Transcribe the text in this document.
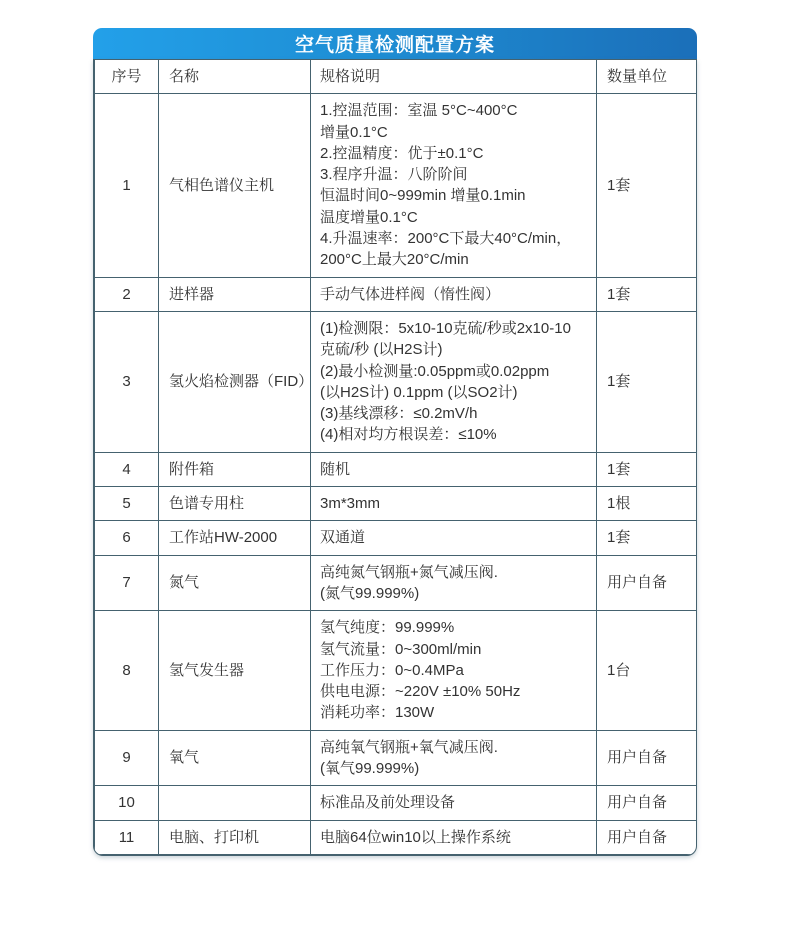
空气质量检测配置方案
序号	名称	规格说明	数量单位
1	气相色谱仪主机	
1.控温范围：室温 5°C~400°C
增量0.1°C
2.控温精度：优于±0.1°C
3.程序升温：八阶阶间
恒温时间0~999min 增量0.1min
温度增量0.1°C
4.升温速率：200°C下最大40°C/min，
200°C上最大20°C/min
	1套
2	进样器	手动气体进样阀（惰性阀）	1套
3	氢火焰检测器（FID）	
(1)检测限：5x10-10克硫/秒或2x10-10
克硫/秒 (以H2S计)
(2)最小检测量:0.05ppm或0.02ppm
(以H2S计) 0.1ppm (以SO2计)
(3)基线漂移：≤0.2mV/h
(4)相对均方根误差：≤10%
	1套
4	附件箱	随机	1套
5	色谱专用柱	3m*3mm	1根
6	工作站HW-2000	双通道	1套
7	氮气	高纯氮气钢瓶+氮气减压阀.
(氮气99.999%)	用户自备
8	氢气发生器	氢气纯度：99.999%
氢气流量：0~300ml/min
工作压力：0~0.4MPa
供电电源：~220V ±10% 50Hz
消耗功率：130W	1台
9	氧气	高纯氧气钢瓶+氧气减压阀.
(氧气99.999%)	用户自备
10		标准品及前处理设备	用户自备
11	电脑、打印机	电脑64位win10以上操作系统	用户自备
